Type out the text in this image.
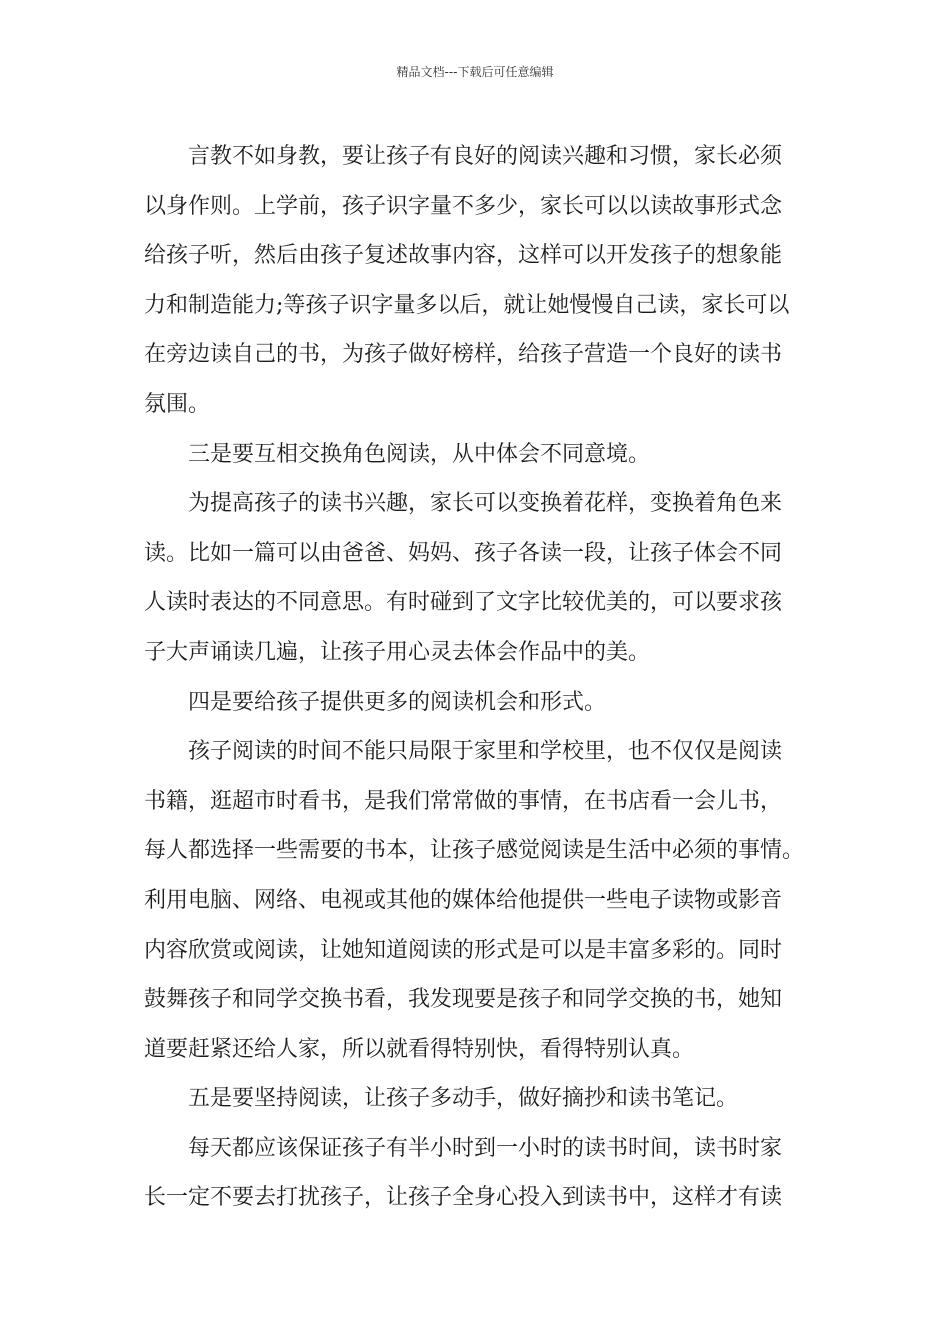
精品文档---下载后可任意编辑

言教不如身教，要让孩子有良好的阅读兴趣和习惯，家长必须
以身作则。上学前，孩子识字量不多少，家长可以以读故事形式念
给孩子听，然后由孩子复述故事内容，这样可以开发孩子的想象能
力和制造能力;等孩子识字量多以后，就让她慢慢自己读，家长可以
在旁边读自己的书，为孩子做好榜样，给孩子营造一个良好的读书
氛围。

三是要互相交换角色阅读，从中体会不同意境。

为提高孩子的读书兴趣，家长可以变换着花样，变换着角色来
读。比如一篇可以由爸爸、妈妈、孩子各读一段，让孩子体会不同
人读时表达的不同意思。有时碰到了文字比较优美的，可以要求孩
子大声诵读几遍，让孩子用心灵去体会作品中的美。

四是要给孩子提供更多的阅读机会和形式。

孩子阅读的时间不能只局限于家里和学校里，也不仅仅是阅读
书籍，逛超市时看书，是我们常常做的事情，在书店看一会儿书，
每人都选择一些需要的书本，让孩子感觉阅读是生活中必须的事情。
利用电脑、网络、电视或其他的媒体给他提供一些电子读物或影音
内容欣赏或阅读，让她知道阅读的形式是可以是丰富多彩的。同时
鼓舞孩子和同学交换书看，我发现要是孩子和同学交换的书，她知
道要赶紧还给人家，所以就看得特别快，看得特别认真。

五是要坚持阅读，让孩子多动手，做好摘抄和读书笔记。

每天都应该保证孩子有半小时到一小时的读书时间，读书时家
长一定不要去打扰孩子，让孩子全身心投入到读书中，这样才有读
